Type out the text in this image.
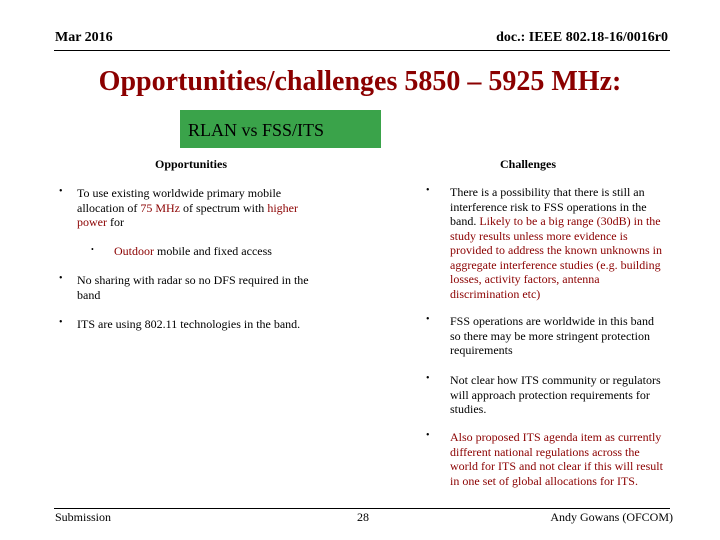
Mar 2016	doc.: IEEE 802.18-16/0016r0
Opportunities/challenges 5850 – 5925 MHz:
RLAN vs FSS/ITS
Opportunities	Challenges
• To use existing worldwide primary mobile allocation of 75 MHz of spectrum with higher power for
• Outdoor mobile and fixed access
• No sharing with radar so no DFS required in the band
• ITS are using 802.11 technologies in the band.
• There is a possibility that there is still an interference risk to FSS operations in the band. Likely to be a big range (30dB) in the study results unless more evidence is provided to address the known unknowns in aggregate interference studies (e.g. building losses, activity factors, antenna discrimination etc)
• FSS operations are worldwide in this band so there may be more stringent protection requirements
• Not clear how ITS community or regulators will approach protection requirements for studies.
• Also proposed ITS agenda item as currently different national regulations across the world for ITS and not clear if this will result in one set of global allocations for ITS.
Submission	28	Andy Gowans (OFCOM)
